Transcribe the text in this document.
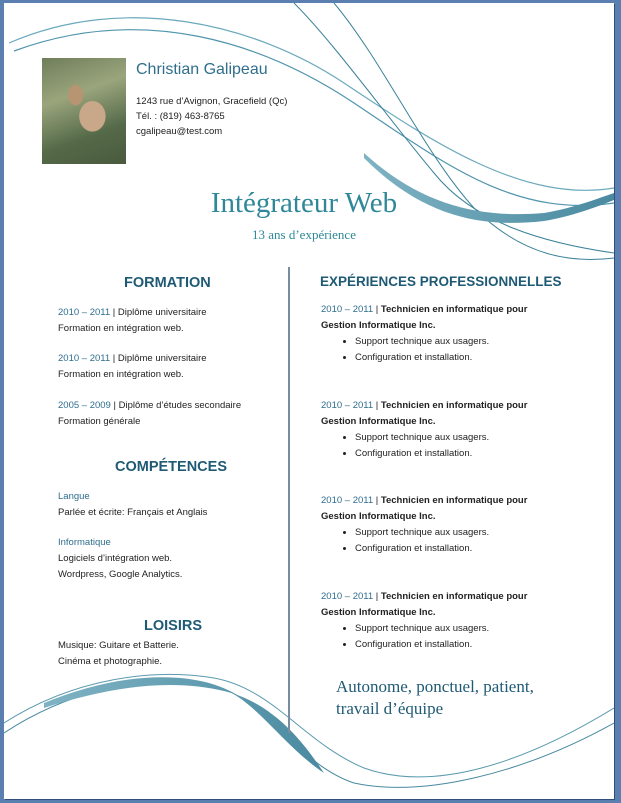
Christian Galipeau
1243 rue d’Avignon, Gracefield (Qc)
Tél. : (819) 463-8765
cgalipeau@test.com
Intégrateur Web
13 ans d’expérience
FORMATION
2010 – 2011 | Diplôme universitaire
Formation en intégration web.
2010 – 2011 | Diplôme universitaire
Formation en intégration web.
2005 – 2009 | Diplôme d’études secondaire
Formation générale
COMPÉTENCES
Langue
Parlée et écrite: Français et Anglais
Informatique
Logiciels d’intégration web.
Wordpress, Google Analytics.
LOISIRS
Musique: Guitare et Batterie.
Cinéma et photographie.
EXPÉRIENCES PROFESSIONNELLES
2010 – 2011 | Technicien en informatique pour
Gestion Informatique Inc.
• Support technique aux usagers.
• Configuration et installation.
2010 – 2011 | Technicien en informatique pour
Gestion Informatique Inc.
• Support technique aux usagers.
• Configuration et installation.
2010 – 2011 | Technicien en informatique pour
Gestion Informatique Inc.
• Support technique aux usagers.
• Configuration et installation.
2010 – 2011 | Technicien en informatique pour
Gestion Informatique Inc.
• Support technique aux usagers.
• Configuration et installation.
Autonome, ponctuel, patient,
travail d’équipe
